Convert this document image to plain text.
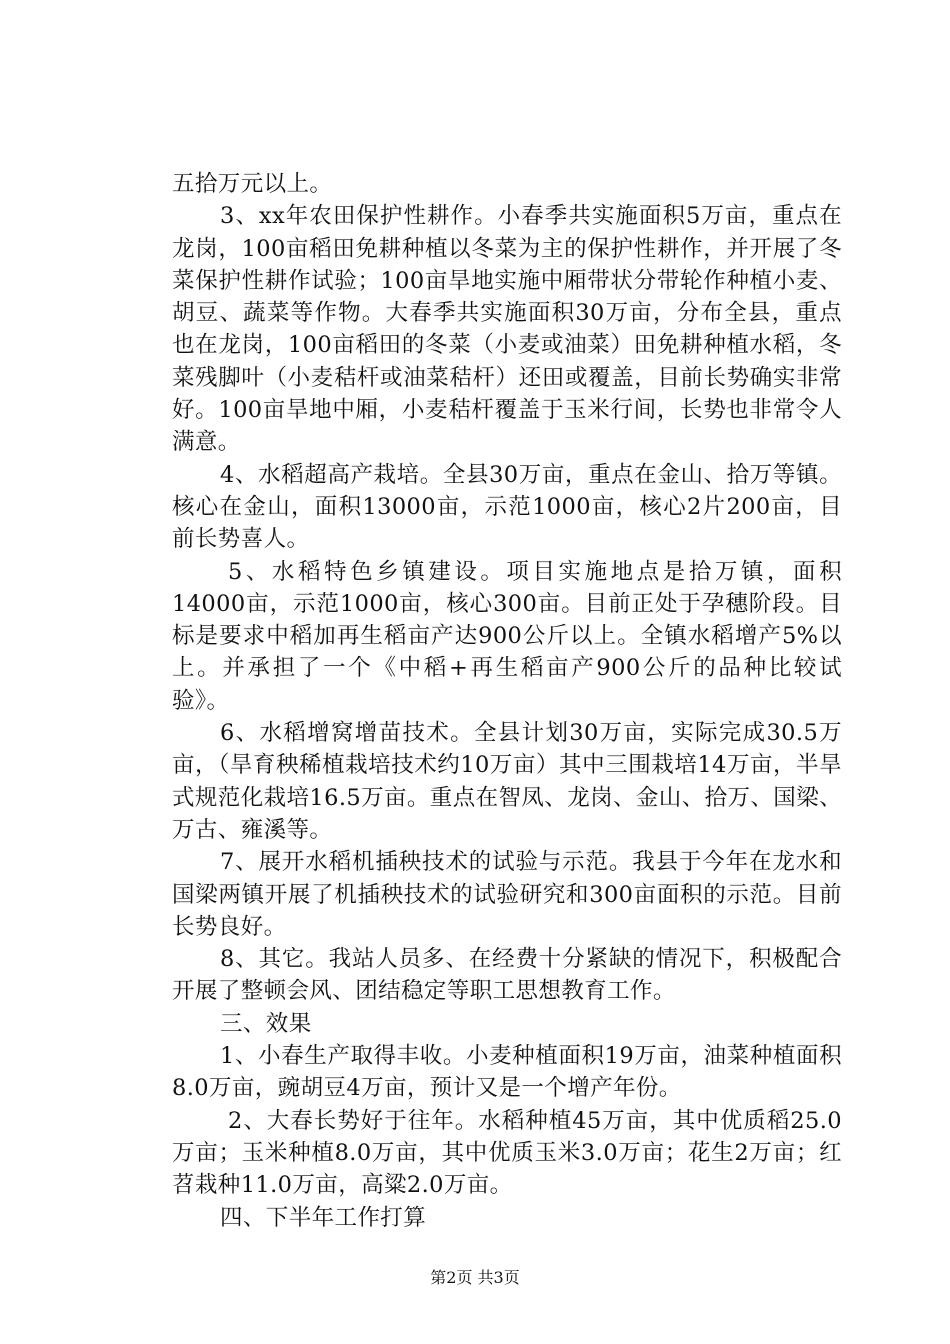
五拾万元以上。

3、xx年农田保护性耕作。小春季共实施面积5万亩，重点在龙岗，100亩稻田免耕种植以冬菜为主的保护性耕作，并开展了冬菜保护性耕作试验；100亩旱地实施中厢带状分带轮作种植小麦、胡豆、蔬菜等作物。大春季共实施面积30万亩，分布全县，重点也在龙岗，100亩稻田的冬菜（小麦或油菜）田免耕种植水稻，冬菜残脚叶（小麦秸杆或油菜秸杆）还田或覆盖，目前长势确实非常好。100亩旱地中厢，小麦秸杆覆盖于玉米行间，长势也非常令人满意。

4、水稻超高产栽培。全县30万亩，重点在金山、拾万等镇。核心在金山，面积13000亩，示范1000亩，核心2片200亩，目前长势喜人。

5、水稻特色乡镇建设。项目实施地点是拾万镇，面积14000亩，示范1000亩，核心300亩。目前正处于孕穗阶段。目标是要求中稻加再生稻亩产达900公斤以上。全镇水稻增产5%以上。并承担了一个《中稻+再生稻亩产900公斤的品种比较试验》。

6、水稻增窝增苗技术。全县计划30万亩，实际完成30.5万亩，（旱育秧稀植栽培技术约10万亩）其中三围栽培14万亩，半旱式规范化栽培16.5万亩。重点在智凤、龙岗、金山、拾万、国梁、万古、雍溪等。

7、展开水稻机插秧技术的试验与示范。我县于今年在龙水和国梁两镇开展了机插秧技术的试验研究和300亩面积的示范。目前长势良好。

8、其它。我站人员多、在经费十分紧缺的情况下，积极配合开展了整顿会风、团结稳定等职工思想教育工作。

三、效果

1、小春生产取得丰收。小麦种植面积19万亩，油菜种植面积8.0万亩，豌胡豆4万亩，预计又是一个增产年份。

2、大春长势好于往年。水稻种植45万亩，其中优质稻25.0万亩；玉米种植8.0万亩，其中优质玉米3.0万亩；花生2万亩；红苕栽种11.0万亩，高粱2.0万亩。

四、下半年工作打算

第2页 共3页
